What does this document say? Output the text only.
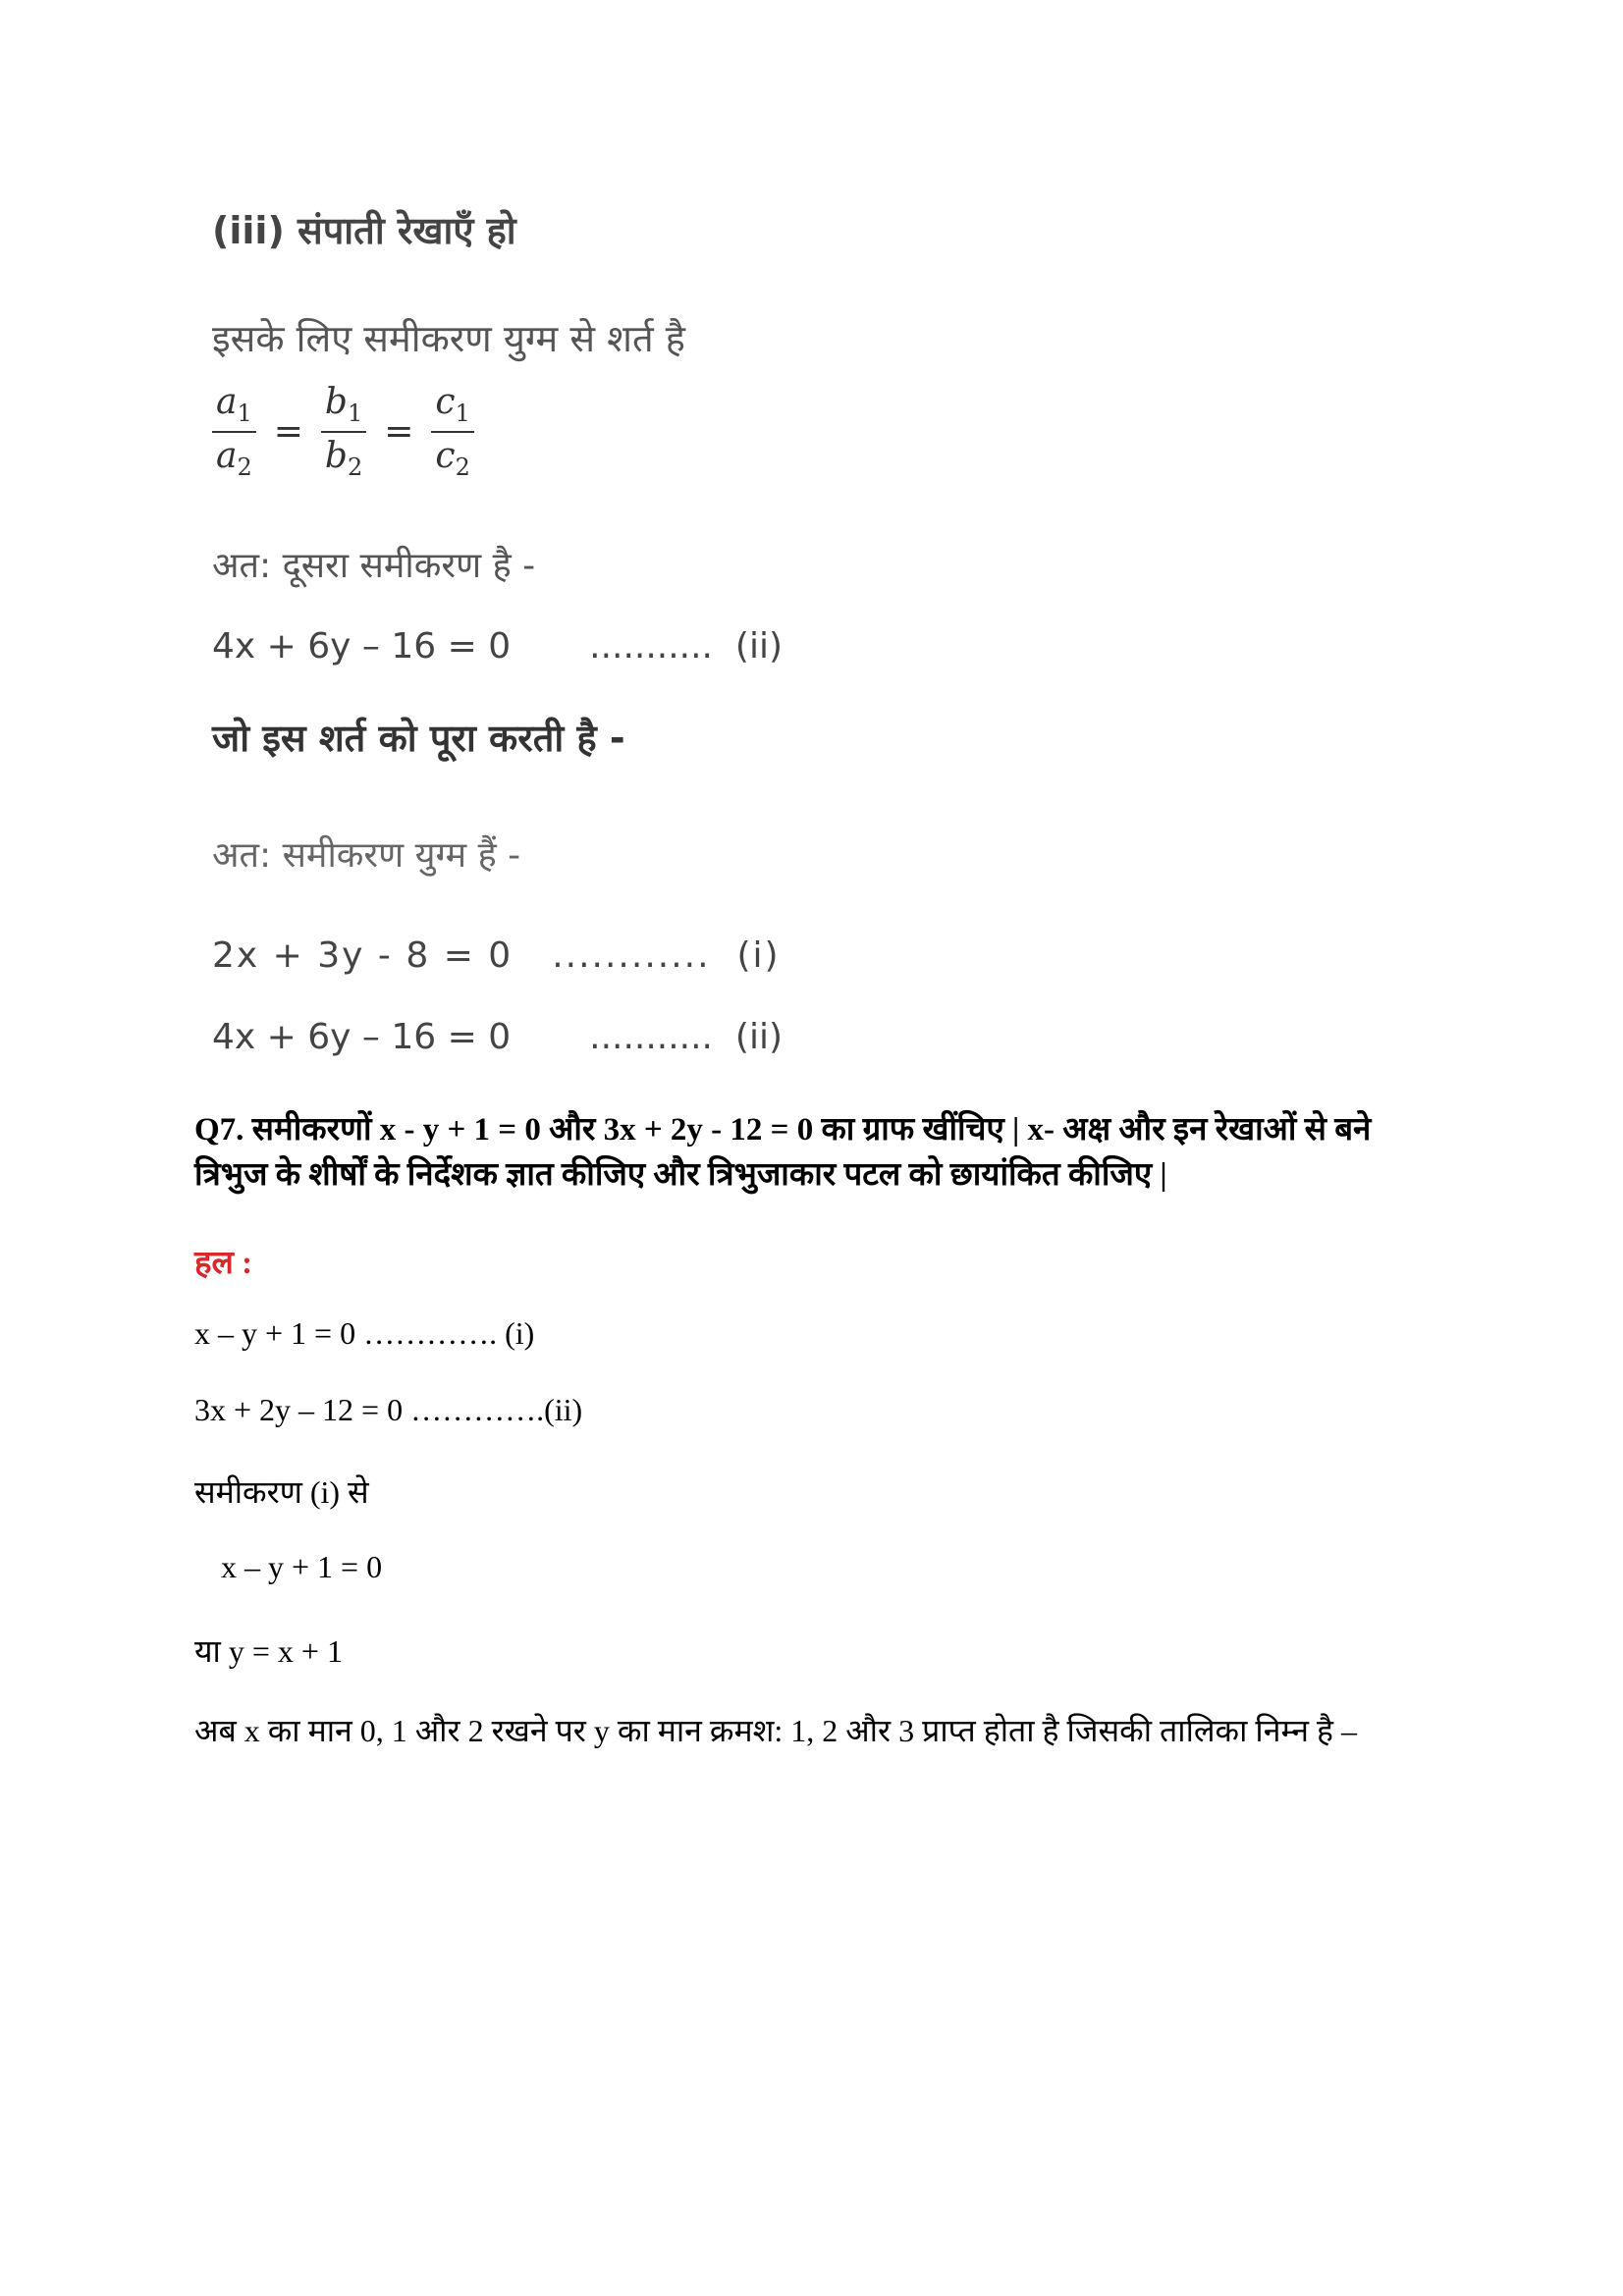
(iii) संपाती रेखाएँ हो
इसके लिए समीकरण युग्म से शर्त है
$\frac{a_1}{a_2} = \frac{b_1}{b_2} = \frac{c_1}{c_2}$
अत: दूसरा समीकरण है -
4x + 6y – 16 = 0 ........... (ii)
जो इस शर्त को पूरा करती है -
अत: समीकरण युग्म हैं -
2x + 3y - 8 = 0 ............ (i)
4x + 6y – 16 = 0 ........... (ii)
Q7. समीकरणों x - y + 1 = 0 और 3x + 2y - 12 = 0 का ग्राफ खींचिए | x- अक्ष और इन रेखाओं से बने त्रिभुज के शीर्षों के निर्देशक ज्ञात कीजिए और त्रिभुजाकार पटल को छायांकित कीजिए |
हल :
x – y + 1 = 0 …………. (i)
3x + 2y – 12 = 0 ………….(ii)
समीकरण (i) से
x – y + 1 = 0
या y = x + 1
अब x का मान 0, 1 और 2 रखने पर y का मान क्रमश: 1, 2 और 3 प्राप्त होता है जिसकी तालिका निम्न है –
